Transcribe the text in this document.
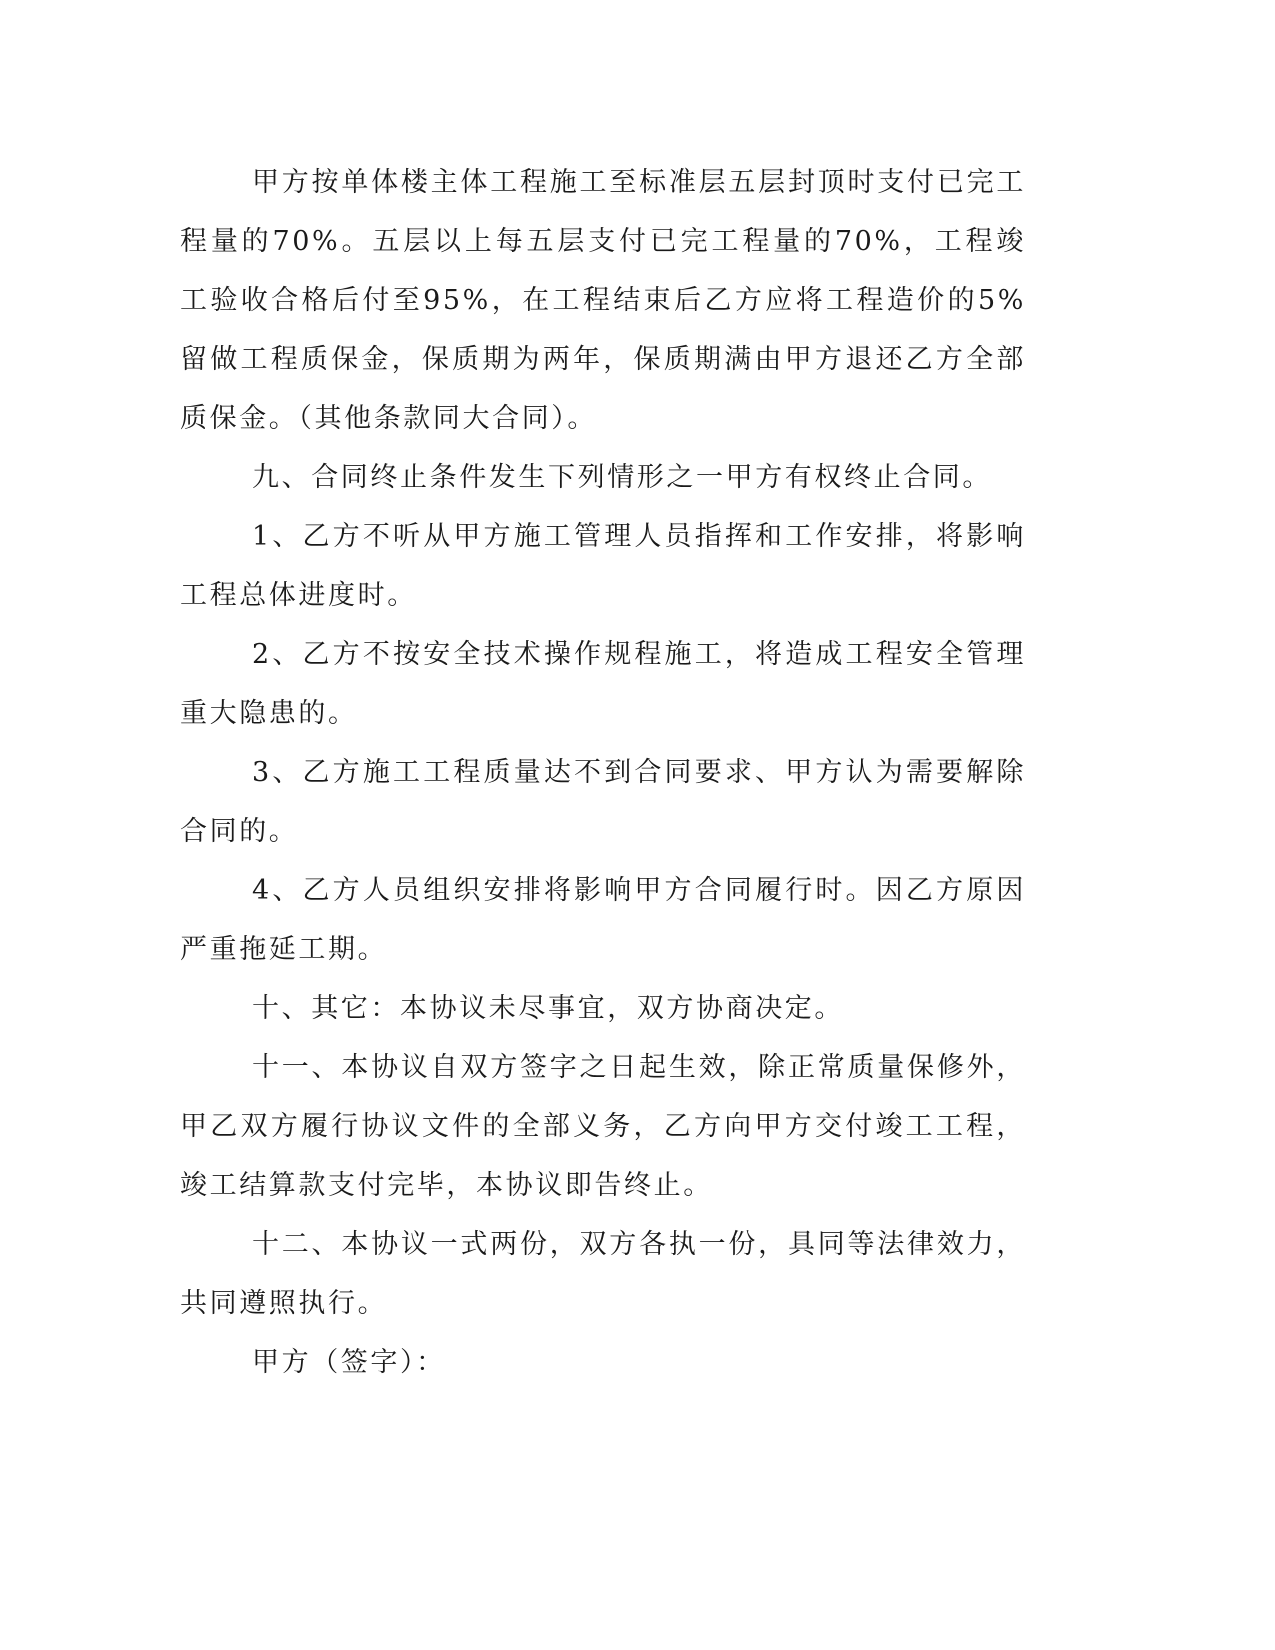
甲方按单体楼主体工程施工至标准层五层封顶时支付已完工程量的70%。五层以上每五层支付已完工程量的70%，工程竣工验收合格后付至95%，在工程结束后乙方应将工程造价的5%留做工程质保金，保质期为两年，保质期满由甲方退还乙方全部质保金。（其他条款同大合同）。

九、合同终止条件发生下列情形之一甲方有权终止合同。

1、乙方不听从甲方施工管理人员指挥和工作安排，将影响工程总体进度时。

2、乙方不按安全技术操作规程施工，将造成工程安全管理重大隐患的。

3、乙方施工工程质量达不到合同要求、甲方认为需要解除合同的。

4、乙方人员组织安排将影响甲方合同履行时。因乙方原因严重拖延工期。

十、其它：本协议未尽事宜，双方协商决定。

十一、本协议自双方签字之日起生效，除正常质量保修外，甲乙双方履行协议文件的全部义务，乙方向甲方交付竣工工程，竣工结算款支付完毕，本协议即告终止。

十二、本协议一式两份，双方各执一份，具同等法律效力，共同遵照执行。

甲方（签字）：
